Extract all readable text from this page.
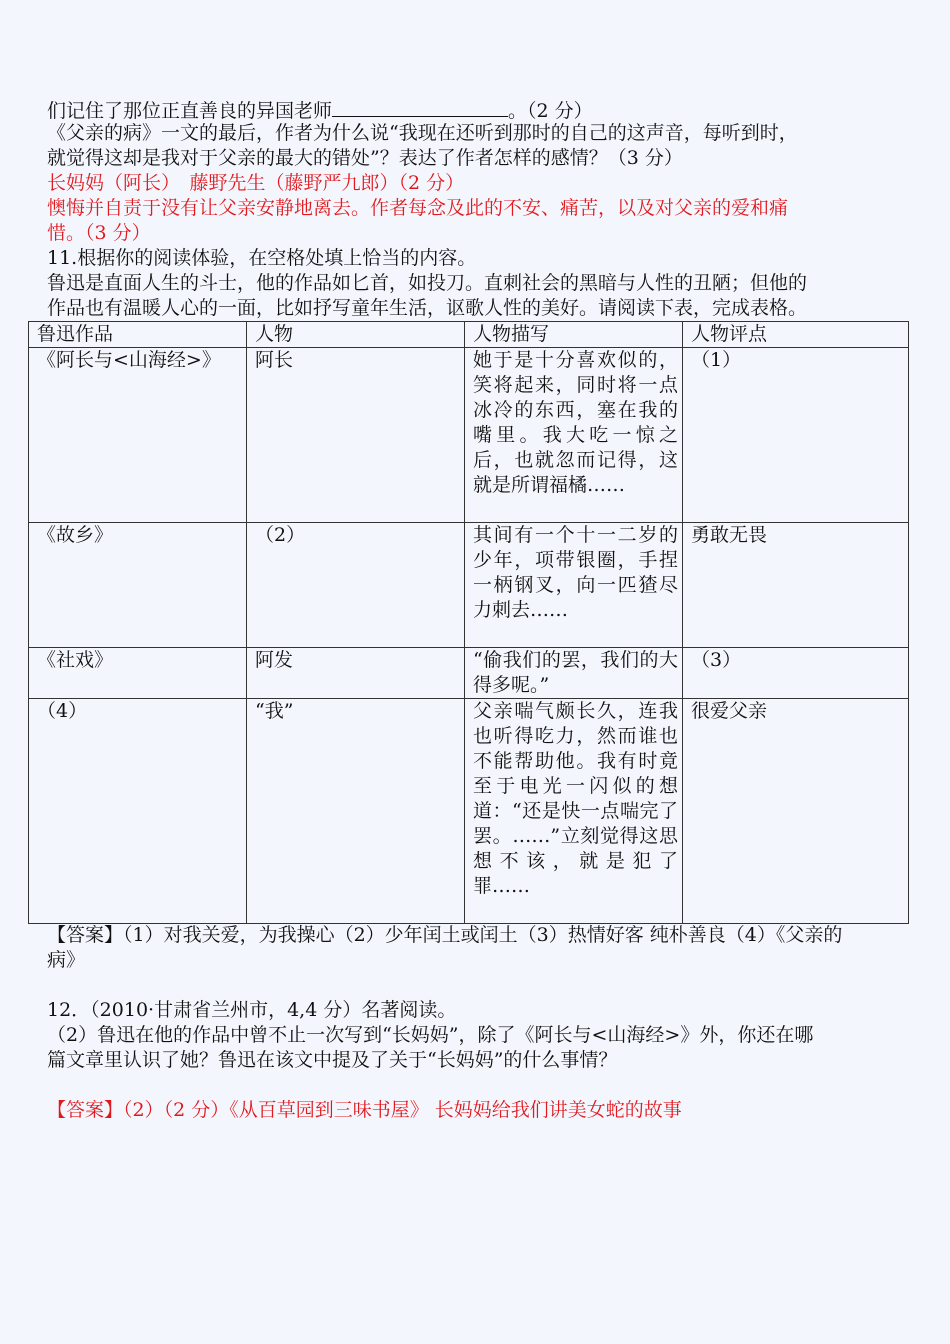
们记住了那位正直善良的异国老师	。（2 分）
《父亲的病》一文的最后，作者为什么说“我现在还听到那时的自己的这声音，每听到时，
就觉得这却是我对于父亲的最大的错处”？表达了作者怎样的感情？（3 分）
长妈妈（阿长）　藤野先生（藤野严九郎）（2 分）
懊悔并自责于没有让父亲安静地离去。作者每念及此的不安、痛苦，以及对父亲的爱和痛
惜。（3 分）
11.根据你的阅读体验，在空格处填上恰当的内容。
鲁迅是直面人生的斗士，他的作品如匕首，如投刀。直刺社会的黑暗与人性的丑陋；但他的
作品也有温暖人心的一面，比如抒写童年生活，讴歌人性的美好。请阅读下表，完成表格。
鲁迅作品	人物	人物描写	人物评点
《阿长与<山海经>》	阿长	她于是十分喜欢似的，笑将起来，同时将一点冰冷的东西，塞在我的嘴里。我大吃一惊之后，也就忽而记得，这就是所谓福橘……	（1）
《故乡》	（2）	其间有一个十一二岁的少年，项带银圈，手捏一柄钢叉，向一匹猹尽力刺去……	勇敢无畏
《社戏》	阿发	“偷我们的罢，我们的大得多呢。”	（3）
（4）	“我”	父亲喘气颇长久，连我也听得吃力，然而谁也不能帮助他。我有时竟至于电光一闪似的想道：“还是快一点喘完了罢。……”立刻觉得这思想不该，就是犯了罪……	很爱父亲
【答案】（1）对我关爱，为我操心（2）少年闰土或闰土（3）热情好客 纯朴善良（4）《父亲的
病》
12．（2010·甘肃省兰州市，4,4 分）名著阅读。
（2）鲁迅在他的作品中曾不止一次写到“长妈妈”，除了《阿长与<山海经>》外，你还在哪
篇文章里认识了她？鲁迅在该文中提及了关于“长妈妈”的什么事情？
【答案】（2）（2 分）《从百草园到三味书屋》 长妈妈给我们讲美女蛇的故事
